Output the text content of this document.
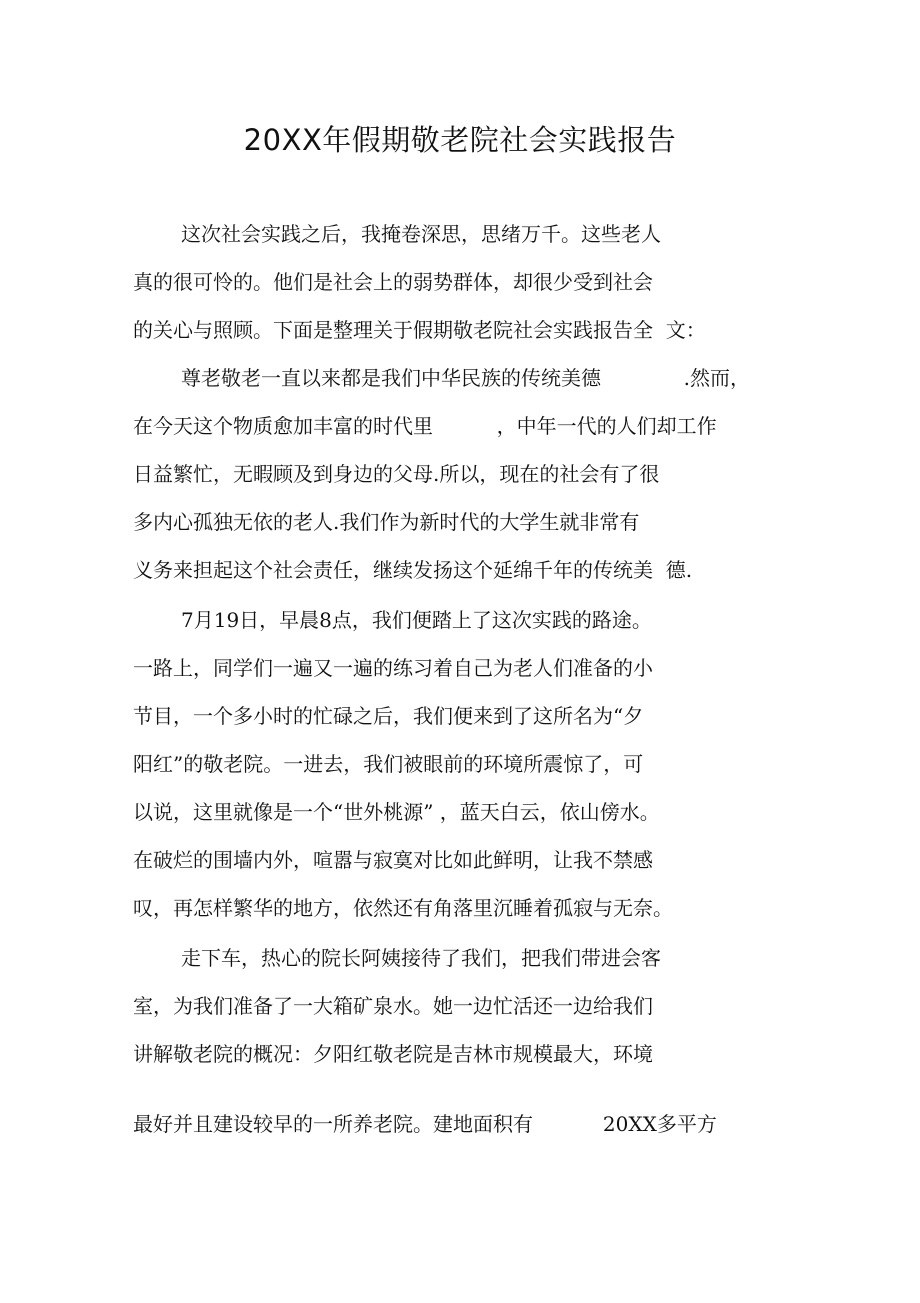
20XX年假期敬老院社会实践报告
这次社会实践之后，我掩卷深思，思绪万千。这些老人
真的很可怜的。他们是社会上的弱势群体，却很少受到社会
的关心与照顾。下面是整理关于假期敬老院社会实践报告全  文：
尊老敬老一直以来都是我们中华民族的传统美德             .然而，
在今天这个物质愈加丰富的时代里          ，中年一代的人们却工作
日益繁忙，无暇顾及到身边的父母.所以，现在的社会有了很
多内心孤独无依的老人.我们作为新时代的大学生就非常有
义务来担起这个社会责任，继续发扬这个延绵千年的传统美  德.
7月19日，早晨8点，我们便踏上了这次实践的路途。
一路上，同学们一遍又一遍的练习着自己为老人们准备的小
节目，一个多小时的忙碌之后，我们便来到了这所名为“夕
阳红”的敬老院。一进去，我们被眼前的环境所震惊了，可
以说，这里就像是一个“世外桃源” ，蓝天白云，依山傍水。
在破烂的围墙内外，喧嚣与寂寞对比如此鲜明，让我不禁感
叹，再怎样繁华的地方，依然还有角落里沉睡着孤寂与无奈。
走下车，热心的院长阿姨接待了我们，把我们带进会客
室，为我们准备了一大箱矿泉水。她一边忙活还一边给我们
讲解敬老院的概况：夕阳红敬老院是吉林市规模最大，环境
最好并且建设较早的一所养老院。建地面积有           20XX多平方
